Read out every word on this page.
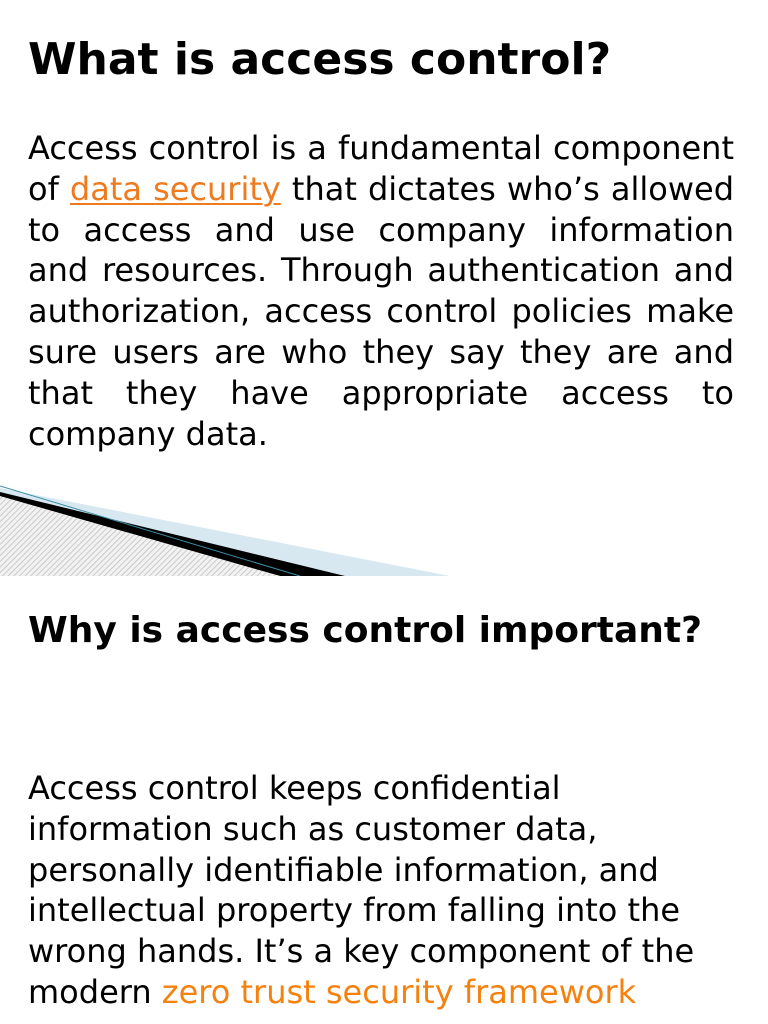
What is access control?

Access control is a fundamental component of data security that dictates who’s allowed to access and use company information and resources. Through authentication and authorization, access control policies make sure users are who they say they are and that they have appropriate access to company data.

Why is access control important?

Access control keeps confidential information such as customer data, personally identifiable information, and intellectual property from falling into the wrong hands. It’s a key component of the modern zero trust security framework
